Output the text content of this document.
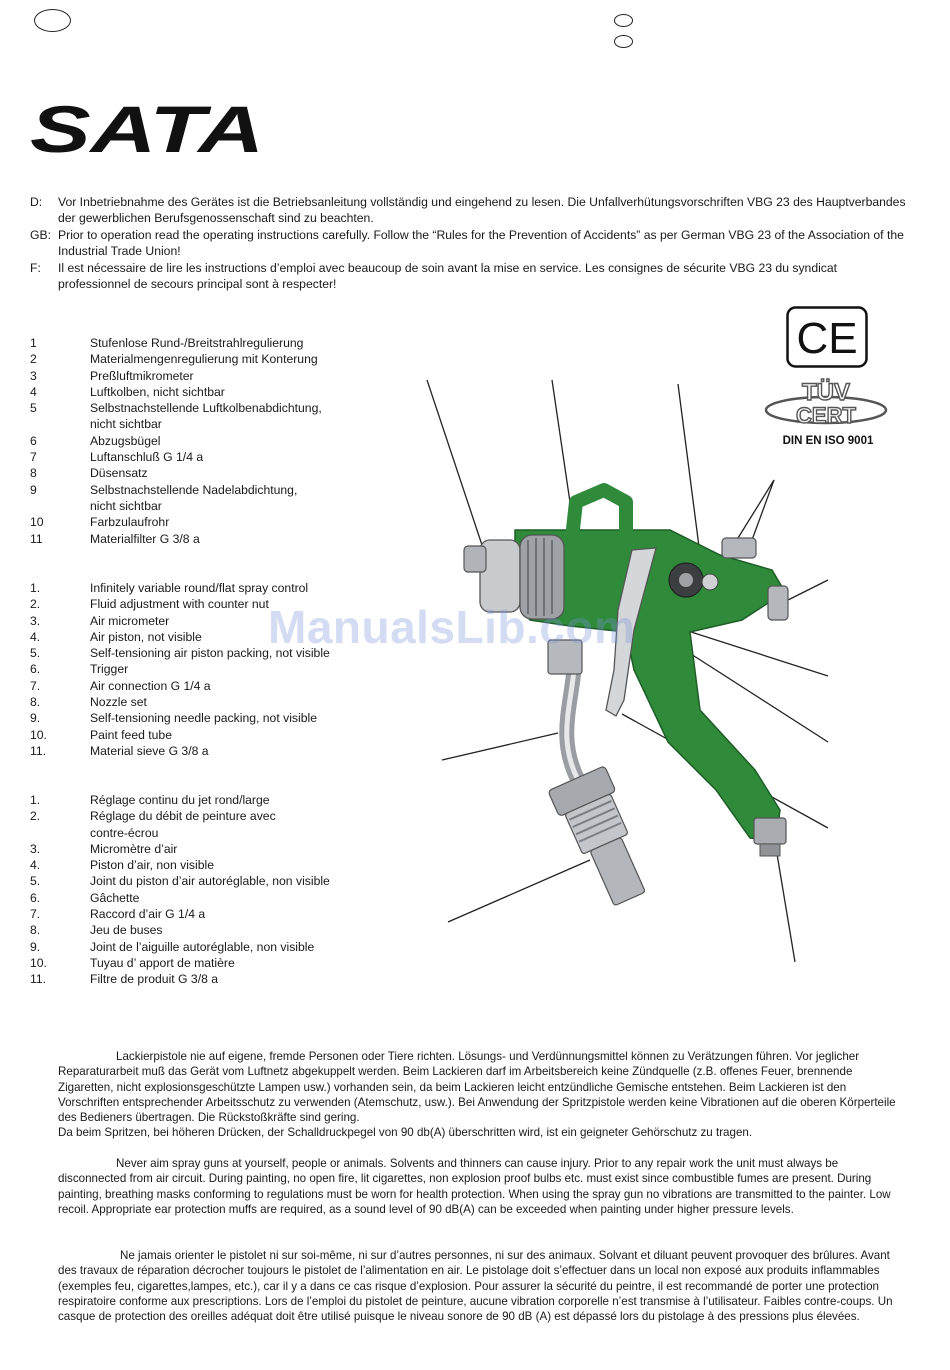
SATA
D:	Vor Inbetriebnahme des Gerätes ist die Betriebsanleitung vollständig und eingehend zu lesen. Die Unfallverhütungsvorschriften VBG 23 des Hauptverbandes der gewerblichen Berufsgenossenschaft sind zu beachten.
GB: Prior to operation read the operating instructions carefully. Follow the “Rules for the Prevention of Accidents” as per German VBG 23 of the Association of the Industrial Trade Union!
F:	Il est nécessaire de lire les instructions d’emploi avec beaucoup de soin avant la mise en service. Les consignes de sécurite VBG 23 du syndicat professionnel de secours principal sont à respecter!
1	Stufenlose Rund-/Breitstrahlregulierung
2	Materialmengenregulierung mit Konterung
3	Preßluftmikrometer
4	Luftkolben, nicht sichtbar
5	Selbstnachstellende Luftkolbenabdichtung,
nicht sichtbar
6	Abzugsbügel
7	Luftanschluß G 1/4 a
8	Düsensatz
9	Selbstnachstellende Nadelabdichtung,
nicht sichtbar
10	Farbzulaufrohr
11	Materialfilter G 3/8 a
1.	Infinitely variable round/flat spray control
2.	Fluid adjustment with counter nut
3.	Air micrometer
4.	Air piston, not visible
5.	Self-tensioning air piston packing, not visible
6.	Trigger
7.	Air connection G 1/4 a
8.	Nozzle set
9.	Self-tensioning needle packing, not visible
10.	Paint feed tube
11.	Material sieve G 3/8 a
1.	Réglage continu du jet rond/large
2.	Réglage du débit de peinture avec
contre-écrou
3.	Micromètre d’air
4.	Piston d’air, non visible
5.	Joint du piston d’air autoréglable, non visible
6.	Gâchette
7.	Raccord d’air G 1/4 a
8.	Jeu de buses
9.	Joint de l’aiguille autoréglable, non visible
10.	Tuyau d’ apport de matière
11.	Filtre de produit G 3/8 a
CE
TÜV
CERT
DIN EN ISO 9001
ManualsLib.com

Lackierpistole nie auf eigene, fremde Personen oder Tiere richten. Lösungs- und Verdünnungsmittel können zu Verätzungen führen. Vor jeglicher Reparaturarbeit muß das Gerät vom Luftnetz abgekuppelt werden. Beim Lackieren darf im Arbeitsbereich keine Zündquelle (z.B. offenes Feuer, brennende Zigaretten, nicht explosionsgeschützte Lampen usw.) vorhanden sein, da beim Lackieren leicht entzündliche Gemische entstehen. Beim Lackieren ist den Vorschriften entsprechender Arbeitsschutz zu verwenden (Atemschutz, usw.). Bei Anwendung der Spritzpistole werden keine Vibrationen auf die oberen Körperteile des Bedieners übertragen. Die Rückstoßkräfte sind gering.

Da beim Spritzen, bei höheren Drücken, der Schalldruckpegel von 90 db(A) überschritten wird, ist ein geigneter Gehörschutz zu tragen.

Never aim spray guns at yourself, people or animals. Solvents and thinners can cause injury. Prior to any repair work the unit must always be disconnected from air circuit. During painting, no open fire, lit cigarettes, non explosion proof bulbs etc. must exist since combustible fumes are present. During painting, breathing masks conforming to regulations must be worn for health protection. When using the spray gun no vibrations are transmitted to the painter. Low recoil. Appropriate ear protection muffs are required, as a sound level of 90 dB(A) can be exceeded when painting under higher pressure levels.

Ne jamais orienter le pistolet ni sur soi-même, ni sur d’autres personnes, ni sur des animaux. Solvant et diluant peuvent provoquer des brûlures. Avant des travaux de réparation décrocher toujours le pistolet de l’alimentation en air. Le pistolage doit s’effectuer dans un local non exposé aux produits inflammables (exemples feu, cigarettes,lampes, etc.), car il y a dans ce cas risque d’explosion. Pour assurer la sécurité du peintre, il est recommandé de porter une protection respiratoire conforme aux prescriptions. Lors de l’emploi du pistolet de peinture, aucune vibration corporelle n’est transmise à l’utilisateur. Faibles contre-coups. Un casque de protection des oreilles adéquat doit être utilisé puisque le niveau sonore de 90 dB (A) est dépassé lors du pistolage à des pressions plus élevées.
